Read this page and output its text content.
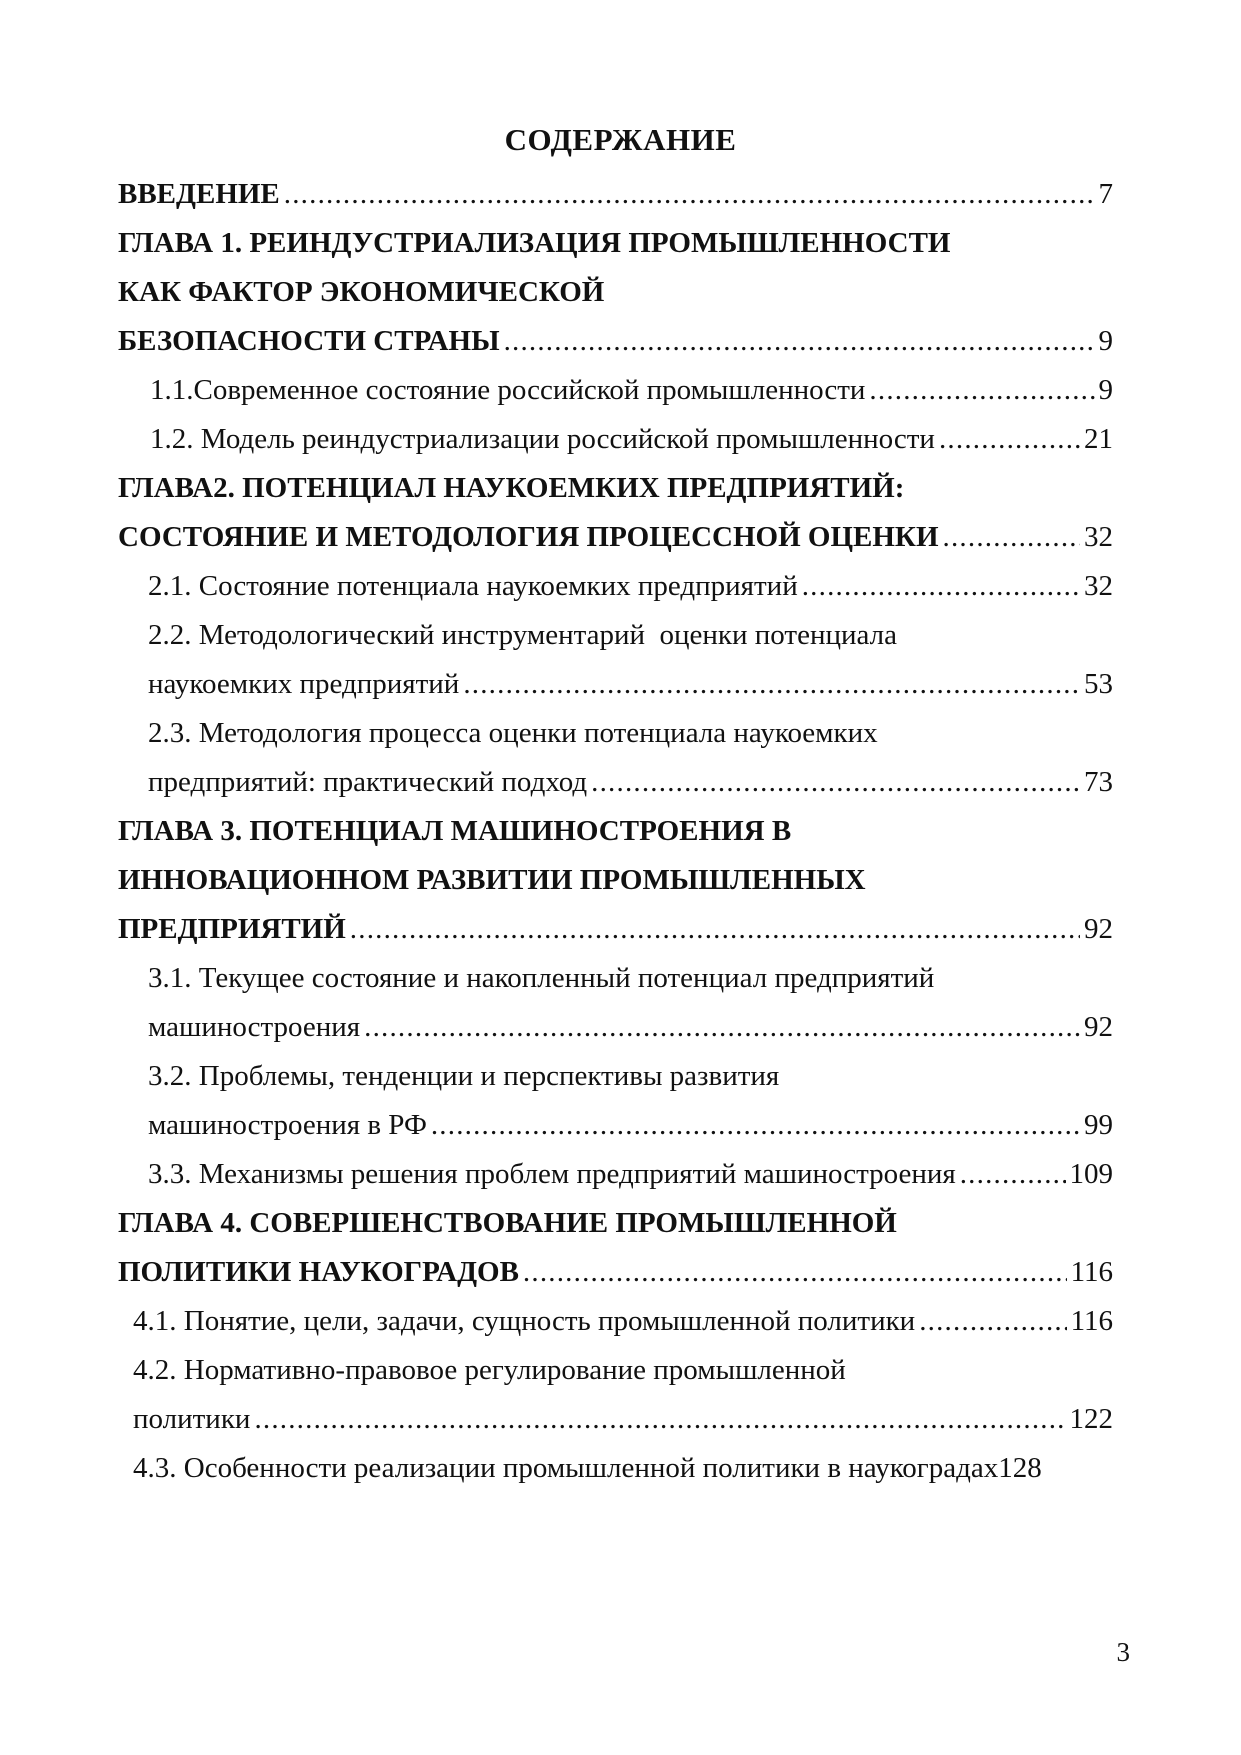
СОДЕРЖАНИЕ
ВВЕДЕНИЕ .....	7
ГЛАВА 1. РЕИНДУСТРИАЛИЗАЦИЯ ПРОМЫШЛЕННОСТИ
КАК ФАКТОР ЭКОНОМИЧЕСКОЙ
БЕЗОПАСНОСТИ СТРАНЫ .....	9
1.1.Современное состояние российской промышленности .....	9
1.2. Модель реиндустриализации российской промышленности .....	21
ГЛАВА2. ПОТЕНЦИАЛ НАУКОЕМКИХ ПРЕДПРИЯТИЙ:
СОСТОЯНИЕ И МЕТОДОЛОГИЯ ПРОЦЕССНОЙ ОЦЕНКИ .....	32
2.1. Состояние потенциала наукоемких предприятий .....	32
2.2. Методологический инструментарий  оценки потенциала
наукоемких предприятий .....	53
2.3. Методология процесса оценки потенциала наукоемких
предприятий: практический подход .....	73
ГЛАВА 3. ПОТЕНЦИАЛ МАШИНОСТРОЕНИЯ В
ИННОВАЦИОННОМ РАЗВИТИИ ПРОМЫШЛЕННЫХ
ПРЕДПРИЯТИЙ .....	92
3.1. Текущее состояние и накопленный потенциал предприятий
машиностроения .....	92
3.2. Проблемы, тенденции и перспективы развития
машиностроения в РФ .....	99
3.3. Механизмы решения проблем предприятий машиностроения .....	109
ГЛАВА 4. СОВЕРШЕНСТВОВАНИЕ ПРОМЫШЛЕННОЙ
ПОЛИТИКИ НАУКОГРАДОВ .....	116
4.1. Понятие, цели, задачи, сущность промышленной политики .....	116
4.2. Нормативно-правовое регулирование промышленной
политики .....	122
4.3. Особенности реализации промышленной политики в наукоградах 128
3
